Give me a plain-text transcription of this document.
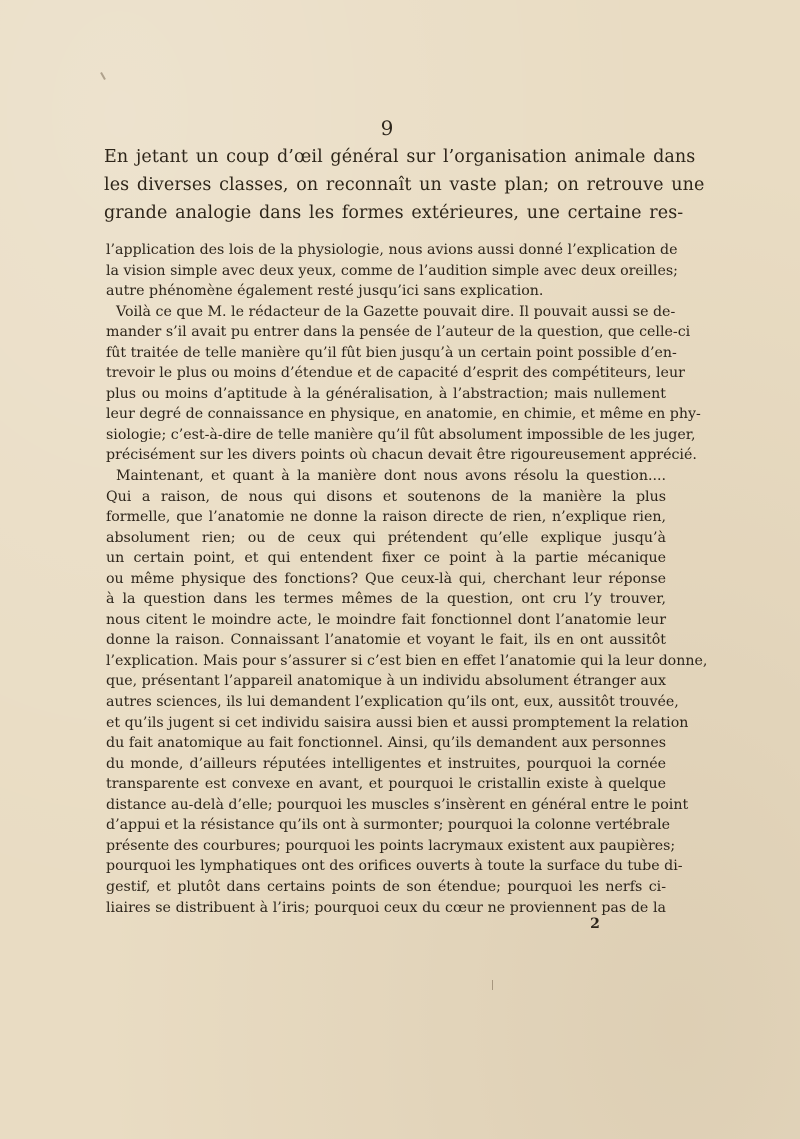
9
En jetant un coup d’œil général sur l’organisation animale dans
les diverses classes, on reconnaît un vaste plan; on retrouve une
grande analogie dans les formes extérieures, une certaine res-
l’application des lois de la physiologie, nous avions aussi donné l’explication de
la vision simple avec deux yeux, comme de l’audition simple avec deux oreilles;
autre phénomène également resté jusqu’ici sans explication.
Voilà ce que M. le rédacteur de la Gazette pouvait dire. Il pouvait aussi se de-
mander s’il avait pu entrer dans la pensée de l’auteur de la question, que celle-ci
fût traitée de telle manière qu’il fût bien jusqu’à un certain point possible d’en-
trevoir le plus ou moins d’étendue et de capacité d’esprit des compétiteurs, leur
plus ou moins d’aptitude à la généralisation, à l’abstraction; mais nullement
leur degré de connaissance en physique, en anatomie, en chimie, et même en phy-
siologie; c’est-à-dire de telle manière qu’il fût absolument impossible de les juger,
précisément sur les divers points où chacun devait être rigoureusement apprécié.
Maintenant, et quant à la manière dont nous avons résolu la question....
Qui a raison, de nous qui disons et soutenons de la manière la plus
formelle, que l’anatomie ne donne la raison directe de rien, n’explique rien,
absolument rien; ou de ceux qui prétendent qu’elle explique jusqu’à
un certain point, et qui entendent fixer ce point à la partie mécanique
ou même physique des fonctions? Que ceux-là qui, cherchant leur réponse
à la question dans les termes mêmes de la question, ont cru l’y trouver,
nous citent le moindre acte, le moindre fait fonctionnel dont l’anatomie leur
donne la raison. Connaissant l’anatomie et voyant le fait, ils en ont aussitôt
l’explication. Mais pour s’assurer si c’est bien en effet l’anatomie qui la leur donne,
que, présentant l’appareil anatomique à un individu absolument étranger aux
autres sciences, ils lui demandent l’explication qu’ils ont, eux, aussitôt trouvée,
et qu’ils jugent si cet individu saisira aussi bien et aussi promptement la relation
du fait anatomique au fait fonctionnel. Ainsi, qu’ils demandent aux personnes
du monde, d’ailleurs réputées intelligentes et instruites, pourquoi la cornée
transparente est convexe en avant, et pourquoi le cristallin existe à quelque
distance au-delà d’elle; pourquoi les muscles s’insèrent en général entre le point
d’appui et la résistance qu’ils ont à surmonter; pourquoi la colonne vertébrale
présente des courbures; pourquoi les points lacrymaux existent aux paupières;
pourquoi les lymphatiques ont des orifices ouverts à toute la surface du tube di-
gestif, et plutôt dans certains points de son étendue; pourquoi les nerfs ci-
liaires se distribuent à l’iris; pourquoi ceux du cœur ne proviennent pas de la
2
